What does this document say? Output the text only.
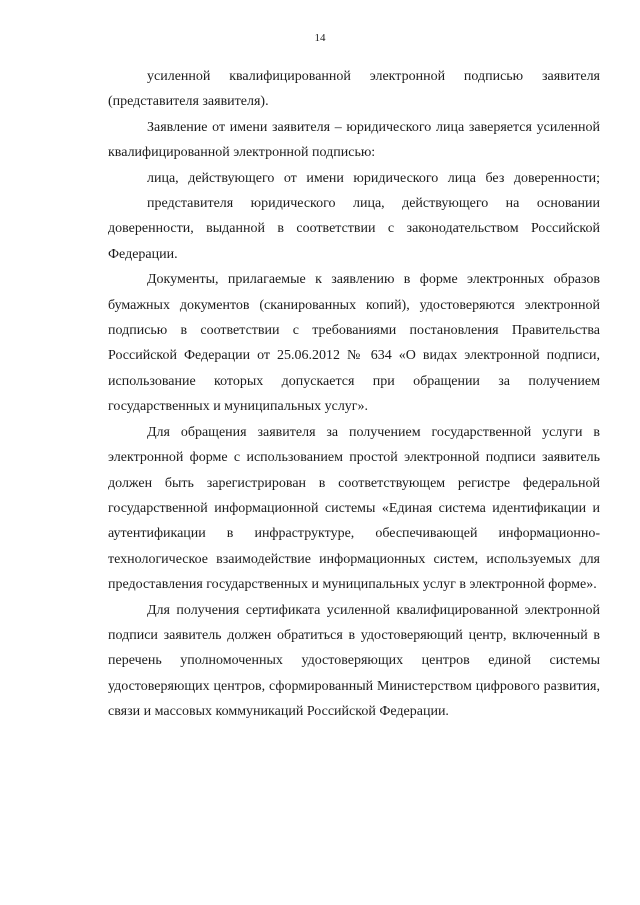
14

усиленной квалифицированной электронной подписью заявителя (представителя заявителя).

Заявление от имени заявителя – юридического лица заверяется усиленной квалифицированной электронной подписью:

лица, действующего от имени юридического лица без доверенности;

представителя юридического лица, действующего на основании доверенности, выданной в соответствии с законодательством Российской Федерации.

Документы, прилагаемые к заявлению в форме электронных образов бумажных документов (сканированных копий), удостоверяются электронной подписью в соответствии с требованиями постановления Правительства Российской Федерации от 25.06.2012 № 634 «О видах электронной подписи, использование которых допускается при обращении за получением государственных и муниципальных услуг».

Для обращения заявителя за получением государственной услуги в электронной форме с использованием простой электронной подписи заявитель должен быть зарегистрирован в соответствующем регистре федеральной государственной информационной системы «Единая система идентификации и аутентификации в инфраструктуре, обеспечивающей информационно-технологическое взаимодействие информационных систем, используемых для предоставления государственных и муниципальных услуг в электронной форме».

Для получения сертификата усиленной квалифицированной электронной подписи заявитель должен обратиться в удостоверяющий центр, включенный в перечень уполномоченных удостоверяющих центров единой системы удостоверяющих центров, сформированный Министерством цифрового развития, связи и массовых коммуникаций Российской Федерации.
